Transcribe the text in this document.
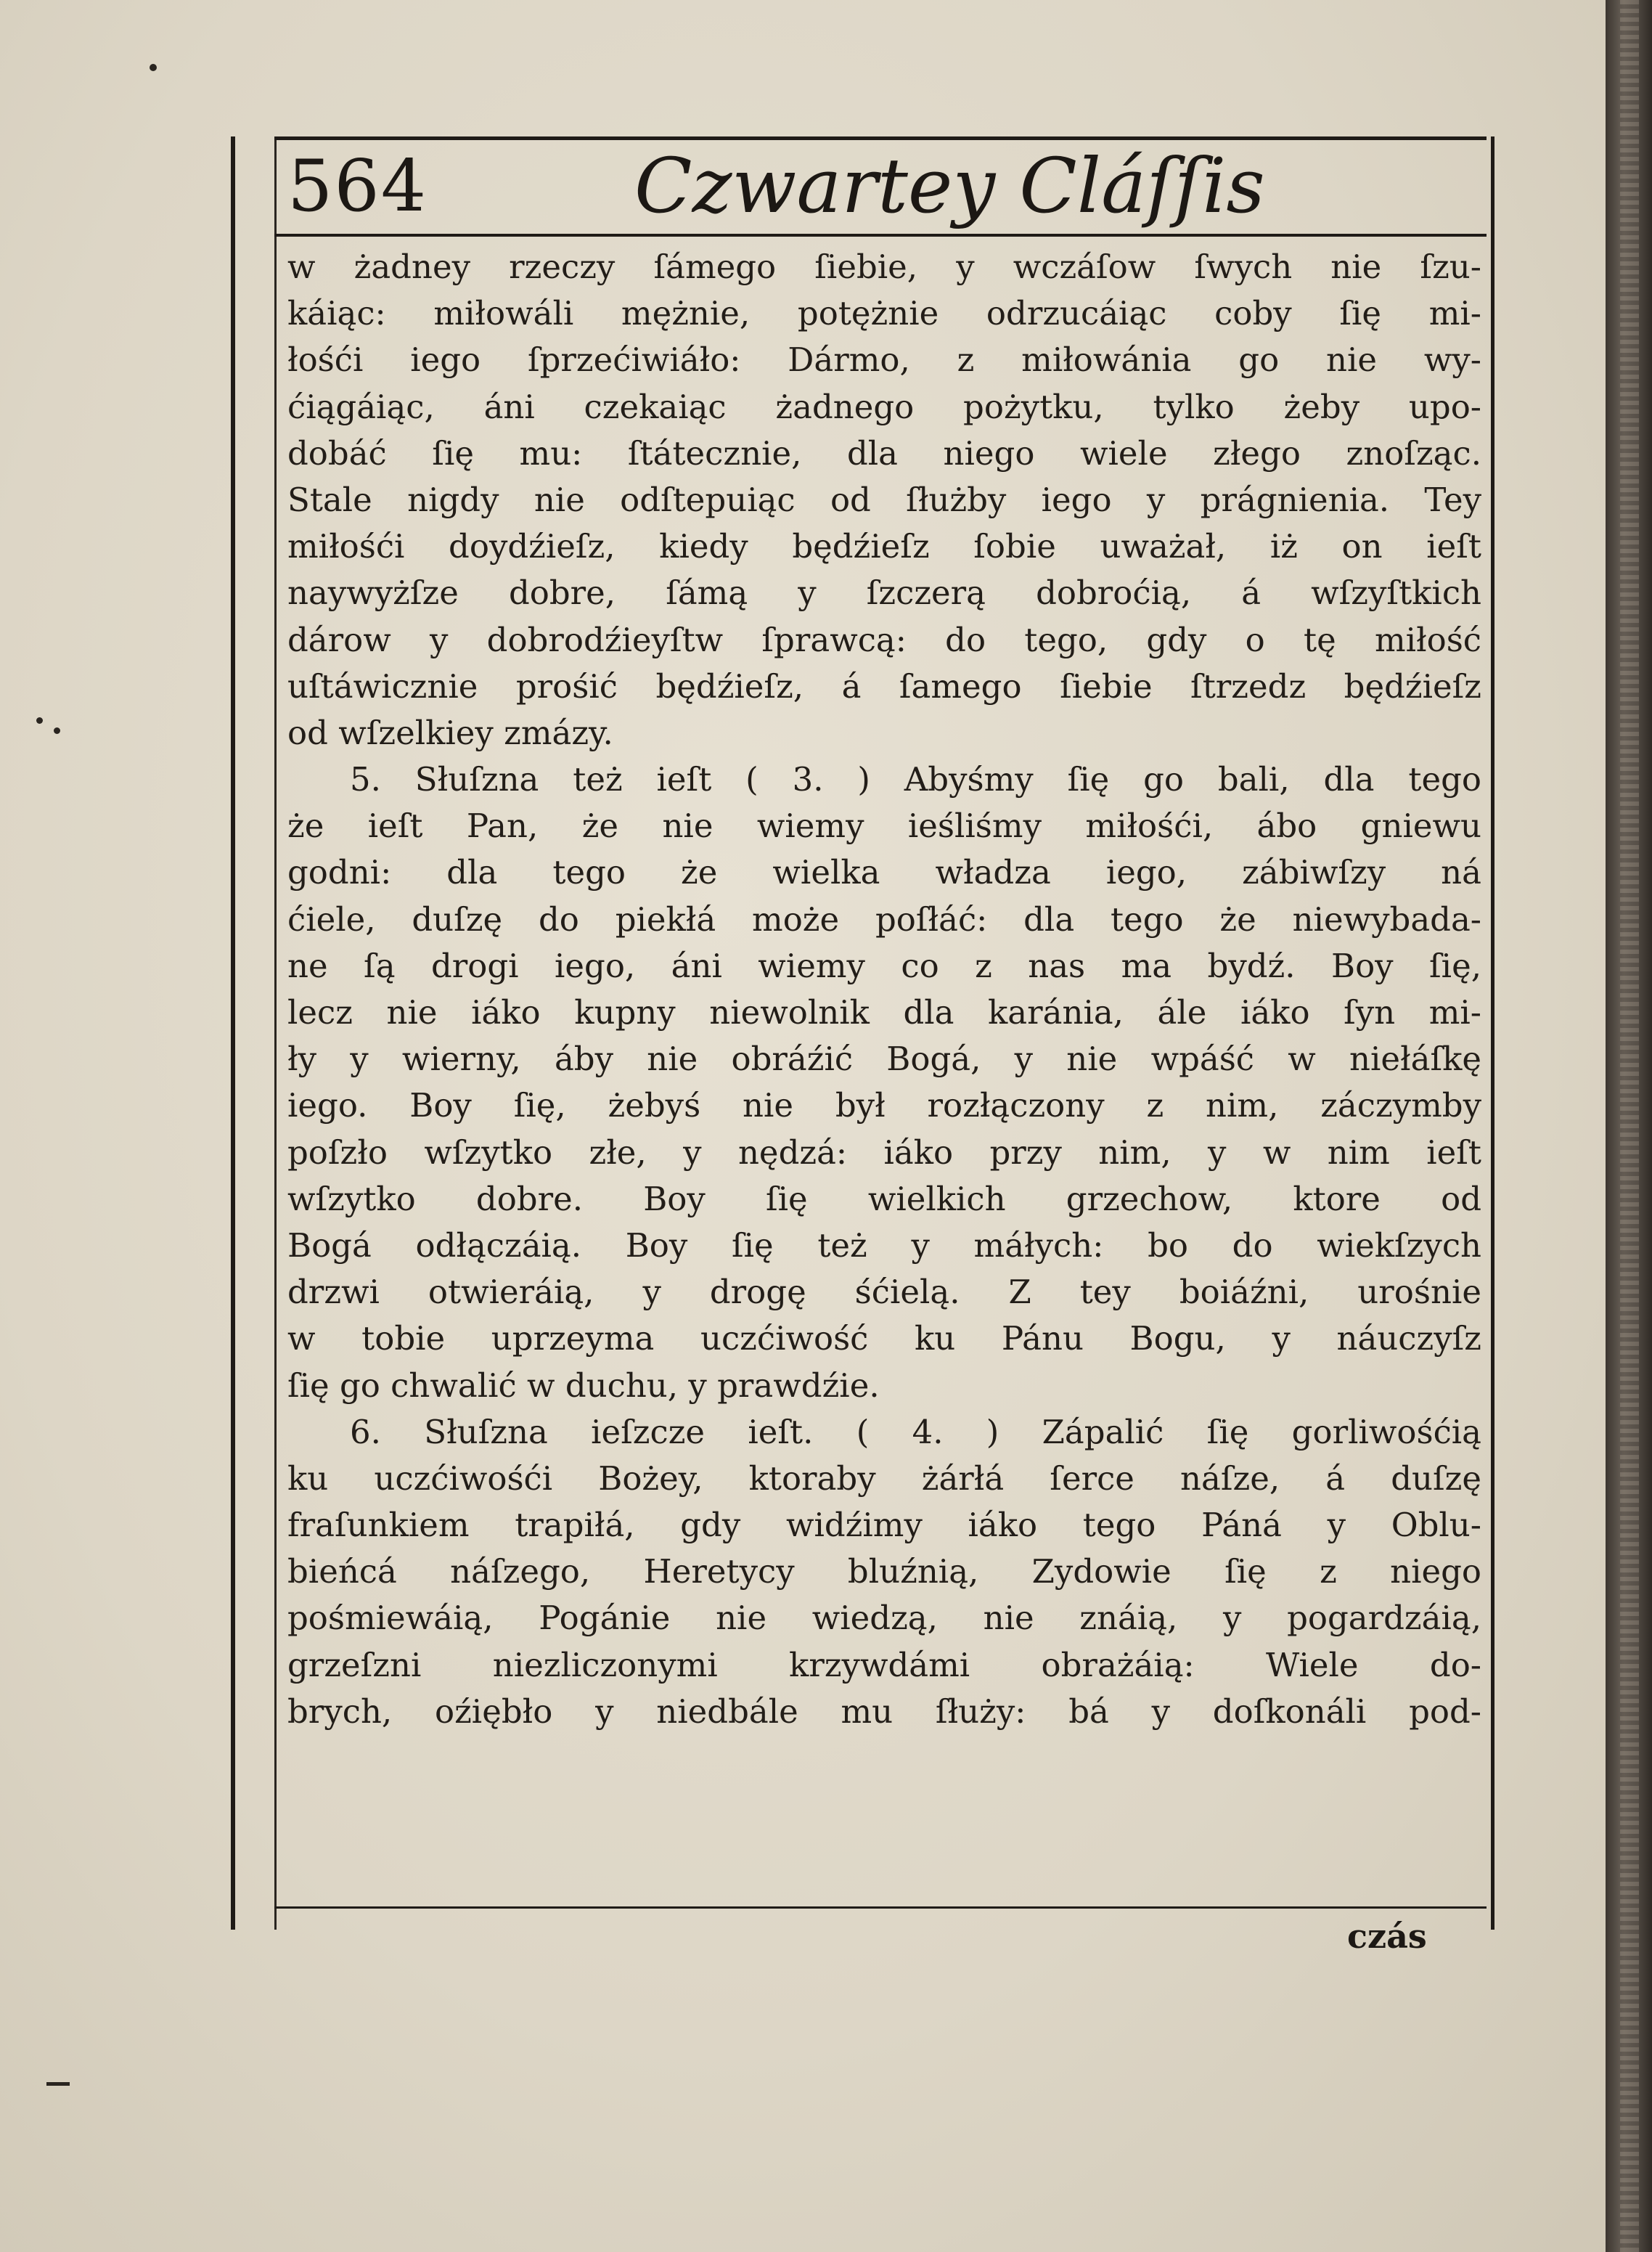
564	Czwartey Cláſſis
w żadney rzeczy ſámego ſiebie, y wczáſow ſwych nie ſzu-
káiąc: miłowáli mężnie, potężnie odrzucáiąc coby ſię mi-
łośći iego ſprzećiwiáło: Dármo, z miłowánia go nie wy-
ćiągáiąc, áni czekaiąc żadnego pożytku, tylko żeby upo-
dobáć ſię mu: ſtátecznie, dla niego wiele złego znoſząc.
Stale nigdy nie odſtepuiąc od ſłużby iego y prágnienia. Tey
miłośći doydźieſz, kiedy będźieſz ſobie uważał, iż on ieſt
naywyżſze dobre, ſámą y ſzczerą dobroćią, á wſzyſtkich
dárow y dobrodźieyſtw ſprawcą: do tego, gdy o tę miłość
uſtáwicznie prośić będźieſz, á ſamego ſiebie ſtrzedz będźieſz
od wſzelkiey zmázy.
5. Słuſzna też ieſt ( 3. ) Abyśmy ſię go bali, dla tego
że ieſt Pan, że nie wiemy ieśliśmy miłośći, ábo gniewu
godni: dla tego że wielka władza iego, zábiwſzy ná
ćiele, duſzę do piekłá może poſłáć: dla tego że niewybada-
ne ſą drogi iego, áni wiemy co z nas ma bydź. Boy ſię,
lecz nie iáko kupny niewolnik dla karánia, ále iáko ſyn mi-
ły y wierny, áby nie obráźić Bogá, y nie wpáść w niełáſkę
iego. Boy ſię, żebyś nie był rozłączony z nim, záczymby
poſzło wſzytko złe, y nędzá: iáko przy nim, y w nim ieſt
wſzytko dobre. Boy ſię wielkich grzechow, ktore od
Bogá odłączáią. Boy ſię też y máłych: bo do wiekſzych
drzwi otwieráią, y drogę śćielą. Z tey boiáźni, urośnie
w tobie uprzeyma uczćiwość ku Pánu Bogu, y náuczyſz
ſię go chwalić w duchu, y prawdźie.
6. Słuſzna ieſzcze ieſt. ( 4. ) Zápalić ſię gorliwośćią
ku uczćiwośći Bożey, ktoraby żárłá ſerce náſze, á duſzę
fraſunkiem trapiłá, gdy widźimy iáko tego Páná y Oblu-
bieńcá náſzego, Heretycy bluźnią, Zydowie ſię z niego
pośmiewáią, Pogánie nie wiedzą, nie znáią, y pogardzáią,
grzeſzni niezliczonymi krzywdámi obrażáią: Wiele do-
brych, oźiębło y niedbále mu ſłuży: bá y doſkonáli pod-
czás
